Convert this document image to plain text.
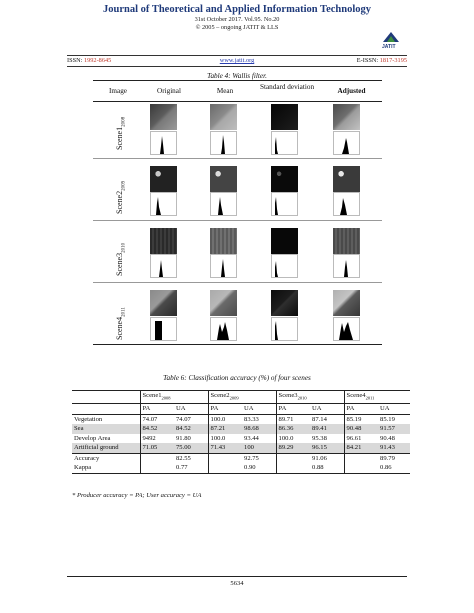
Journal of Theoretical and Applied Information Technology
31st October 2017. Vol.95. No.20
© 2005 – ongoing JATIT & LLS
JATIT
ISSN: 1992-8645	www.jatit.org	E-ISSN: 1817-3195
Table 4: Wallis filter.
Image	Original	Mean	Standard deviation	Adjusted
$Scene1_{2008}$
$Scene2_{2009}$
$Scene3_{2010}$
$Scene4_{2011}$
Table 6: Classification accuracy (%) of four scenes
	$Scene1_{2008}$		$Scene2_{2009}$		$Scene3_{2010}$		$Scene4_{2011}$
	PA	UA	PA	UA	PA	UA	PA	UA
Vegetation	74.07	74.07	100.0	83.33	89.71	87.14	85.19	85.19
Sea	84.52	84.52	87.21	98.68	86.36	89.41	90.48	91.57
Develop Area	9492	91.80	100.0	93.44	100.0	95.38	96.61	90.48
Artificial ground	71.05	75.00	71.43	100	89.29	96.15	84.21	91.43
Accuracy		82.55		92.75		91.06		89.79
Kappa		0.77		0.90		0.88		0.86
* Producer accuracy = PA; User accuracy = UA
5634
